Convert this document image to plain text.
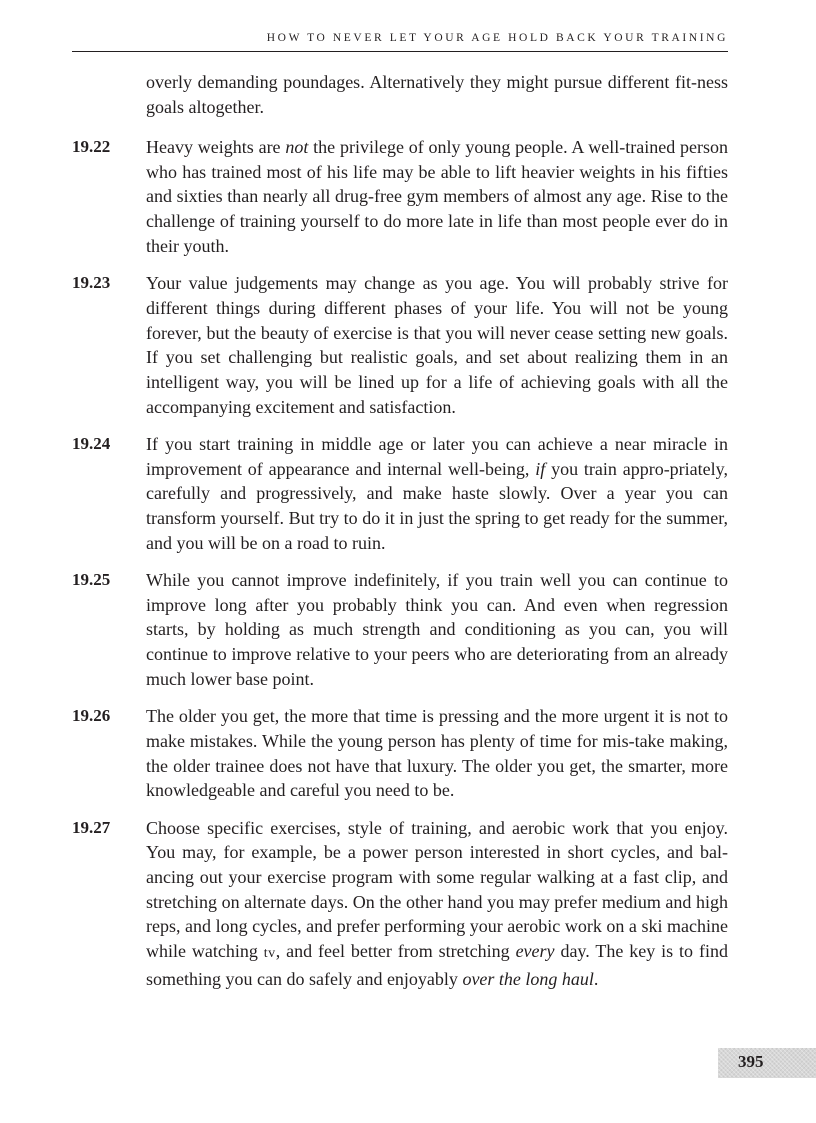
HOW TO NEVER LET YOUR AGE HOLD BACK YOUR TRAINING

overly demanding poundages. Alternatively they might pursue different fit-ness goals altogether.

19.22	Heavy weights are not the privilege of only young people. A well-trained person who has trained most of his life may be able to lift heavier weights in his fifties and sixties than nearly all drug-free gym members of almost any age. Rise to the challenge of training yourself to do more late in life than most people ever do in their youth.

19.23	Your value judgements may change as you age. You will probably strive for different things during different phases of your life. You will not be young forever, but the beauty of exercise is that you will never cease setting new goals. If you set challenging but realistic goals, and set about realizing them in an intelligent way, you will be lined up for a life of achieving goals with all the accompanying excitement and satisfaction.

19.24	If you start training in middle age or later you can achieve a near miracle in improvement of appearance and internal well-being, if you train appro-priately, carefully and progressively, and make haste slowly. Over a year you can transform yourself. But try to do it in just the spring to get ready for the summer, and you will be on a road to ruin.

19.25	While you cannot improve indefinitely, if you train well you can continue to improve long after you probably think you can. And even when regression starts, by holding as much strength and conditioning as you can, you will continue to improve relative to your peers who are deteriorating from an already much lower base point.

19.26	The older you get, the more that time is pressing and the more urgent it is not to make mistakes. While the young person has plenty of time for mis-take making, the older trainee does not have that luxury. The older you get, the smarter, more knowledgeable and careful you need to be.

19.27	Choose specific exercises, style of training, and aerobic work that you enjoy. You may, for example, be a power person interested in short cycles, and bal-ancing out your exercise program with some regular walking at a fast clip, and stretching on alternate days. On the other hand you may prefer medium and high reps, and long cycles, and prefer performing your aerobic work on a ski machine while watching tv, and feel better from stretching every day. The key is to find something you can do safely and enjoyably over the long haul.

395
